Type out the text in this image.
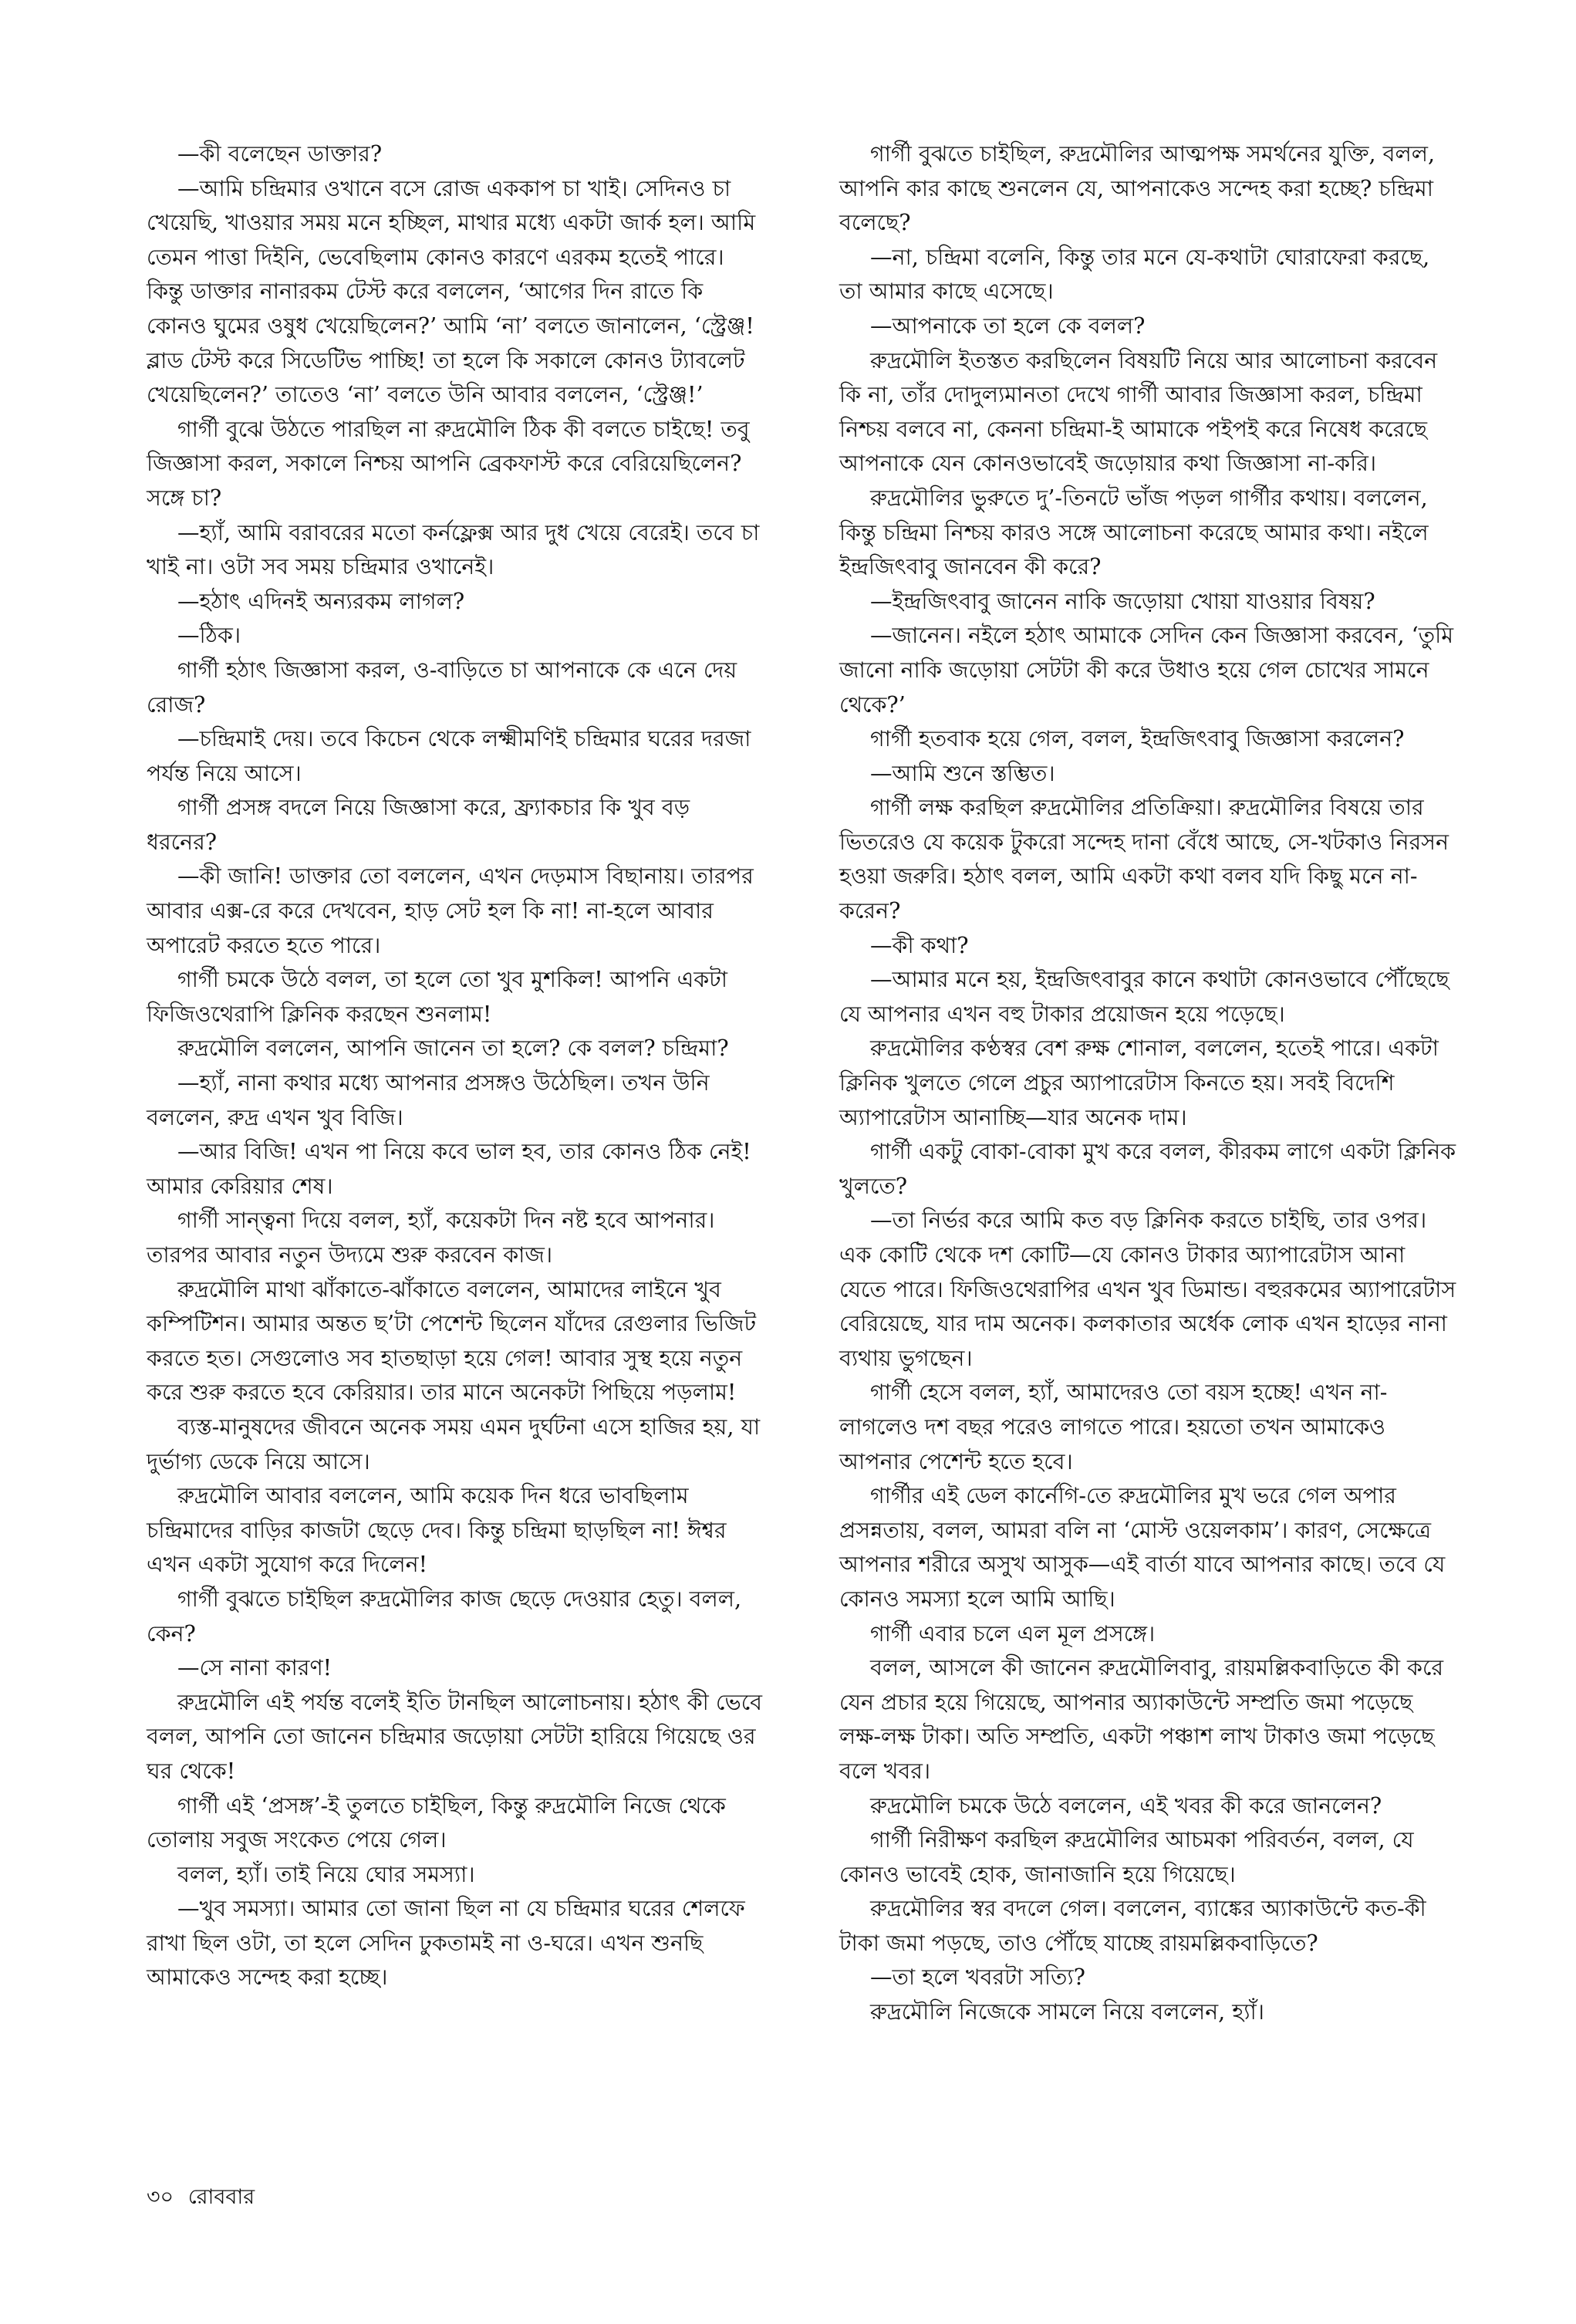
—কী বলেছেন ডাক্তার?

—আমি চন্দ্রিমার ওখানে বসে রোজ এককাপ চা খাই। সেদিনও চা খেয়েছি, খাওয়ার সময় মনে হচ্ছিল, মাথার মধ্যে একটা জার্ক হল। আমি তেমন পাত্তা দিইনি, ভেবেছিলাম কোনও কারণে এরকম হতেই পারে। কিন্তু ডাক্তার নানারকম টেস্ট করে বললেন, ‘আগের দিন রাতে কি কোনও ঘুমের ওষুধ খেয়েছিলেন?’ আমি ‘না’ বলতে জানালেন, ‘স্ট্রেঞ্জ! ব্লাড টেস্ট করে সিডেটিভ পাচ্ছি! তা হলে কি সকালে কোনও ট্যাবলেট খেয়েছিলেন?’ তাতেও ‘না’ বলতে উনি আবার বললেন, ‘স্ট্রেঞ্জ!’

গার্গী বুঝে উঠতে পারছিল না রুদ্রমৌলি ঠিক কী বলতে চাইছে! তবু জিজ্ঞাসা করল, সকালে নিশ্চয় আপনি ব্রেকফাস্ট করে বেরিয়েছিলেন? সঙ্গে চা?

—হ্যাঁ, আমি বরাবরের মতো কর্নফ্লেক্স আর দুধ খেয়ে বেরেই। তবে চা খাই না। ওটা সব সময় চন্দ্রিমার ওখানেই।

—হঠাৎ এদিনই অন্যরকম লাগল?

—ঠিক।

গার্গী হঠাৎ জিজ্ঞাসা করল, ও-বাড়িতে চা আপনাকে কে এনে দেয় রোজ?

—চন্দ্রিমাই দেয়। তবে কিচেন থেকে লক্ষ্মীমণিই চন্দ্রিমার ঘরের দরজা পর্যন্ত নিয়ে আসে।

গার্গী প্রসঙ্গ বদলে নিয়ে জিজ্ঞাসা করে, ফ্র্যাকচার কি খুব বড় ধরনের?

—কী জানি! ডাক্তার তো বললেন, এখন দেড়মাস বিছানায়। তারপর আবার এক্স-রে করে দেখবেন, হাড় সেট হল কি না! না-হলে আবার অপারেট করতে হতে পারে।

গার্গী চমকে উঠে বলল, তা হলে তো খুব মুশকিল! আপনি একটা ফিজিওথেরাপি ক্লিনিক করছেন শুনলাম!

রুদ্রমৌলি বললেন, আপনি জানেন তা হলে? কে বলল? চন্দ্রিমা?

—হ্যাঁ, নানা কথার মধ্যে আপনার প্রসঙ্গও উঠেছিল। তখন উনি বললেন, রুদ্র এখন খুব বিজি।

—আর বিজি! এখন পা নিয়ে কবে ভাল হব, তার কোনও ঠিক নেই! আমার কেরিয়ার শেষ।

গার্গী সান্ত্বনা দিয়ে বলল, হ্যাঁ, কয়েকটা দিন নষ্ট হবে আপনার। তারপর আবার নতুন উদ্যমে শুরু করবেন কাজ।

রুদ্রমৌলি মাথা ঝাঁকাতে-ঝাঁকাতে বললেন, আমাদের লাইনে খুব কম্পিটিশন। আমার অন্তত ছ’টা পেশেন্ট ছিলেন যাঁদের রেগুলার ভিজিট করতে হত। সেগুলোও সব হাতছাড়া হয়ে গেল! আবার সুস্থ হয়ে নতুন করে শুরু করতে হবে কেরিয়ার। তার মানে অনেকটা পিছিয়ে পড়লাম!

ব্যস্ত-মানুষদের জীবনে অনেক সময় এমন দুর্ঘটনা এসে হাজির হয়, যা দুর্ভাগ্য ডেকে নিয়ে আসে।

রুদ্রমৌলি আবার বললেন, আমি কয়েক দিন ধরে ভাবছিলাম চন্দ্রিমাদের বাড়ির কাজটা ছেড়ে দেব। কিন্তু চন্দ্রিমা ছাড়ছিল না! ঈশ্বর এখন একটা সুযোগ করে দিলেন!

গার্গী বুঝতে চাইছিল রুদ্রমৌলির কাজ ছেড়ে দেওয়ার হেতু। বলল, কেন?

—সে নানা কারণ!

রুদ্রমৌলি এই পর্যন্ত বলেই ইতি টানছিল আলোচনায়। হঠাৎ কী ভেবে বলল, আপনি তো জানেন চন্দ্রিমার জড়োয়া সেটটা হারিয়ে গিয়েছে ওর ঘর থেকে!

গার্গী এই ‘প্রসঙ্গ’-ই তুলতে চাইছিল, কিন্তু রুদ্রমৌলি নিজে থেকে তোলায় সবুজ সংকেত পেয়ে গেল।

বলল, হ্যাঁ। তাই নিয়ে ঘোর সমস্যা।

—খুব সমস্যা। আমার তো জানা ছিল না যে চন্দ্রিমার ঘরের শেলফে রাখা ছিল ওটা, তা হলে সেদিন ঢুকতামই না ও-ঘরে। এখন শুনছি আমাকেও সন্দেহ করা হচ্ছে।

গার্গী বুঝতে চাইছিল, রুদ্রমৌলির আত্মপক্ষ সমর্থনের যুক্তি, বলল, আপনি কার কাছে শুনলেন যে, আপনাকেও সন্দেহ করা হচ্ছে? চন্দ্রিমা বলেছে?

—না, চন্দ্রিমা বলেনি, কিন্তু তার মনে যে-কথাটা ঘোরাফেরা করছে, তা আমার কাছে এসেছে।

—আপনাকে তা হলে কে বলল?

রুদ্রমৌলি ইতস্তত করছিলেন বিষয়টি নিয়ে আর আলোচনা করবেন কি না, তাঁর দোদুল্যমানতা দেখে গার্গী আবার জিজ্ঞাসা করল, চন্দ্রিমা নিশ্চয় বলবে না, কেননা চন্দ্রিমা-ই আমাকে পইপই করে নিষেধ করেছে আপনাকে যেন কোনওভাবেই জড়োয়ার কথা জিজ্ঞাসা না-করি।

রুদ্রমৌলির ভুরুতে দু’-তিনটে ভাঁজ পড়ল গার্গীর কথায়। বললেন, কিন্তু চন্দ্রিমা নিশ্চয় কারও সঙ্গে আলোচনা করেছে আমার কথা। নইলে ইন্দ্রজিৎবাবু জানবেন কী করে?

—ইন্দ্রজিৎবাবু জানেন নাকি জড়োয়া খোয়া যাওয়ার বিষয়?

—জানেন। নইলে হঠাৎ আমাকে সেদিন কেন জিজ্ঞাসা করবেন, ‘তুমি জানো নাকি জড়োয়া সেটটা কী করে উধাও হয়ে গেল চোখের সামনে থেকে?’

গার্গী হতবাক হয়ে গেল, বলল, ইন্দ্রজিৎবাবু জিজ্ঞাসা করলেন?

—আমি শুনে স্তম্ভিত।

গার্গী লক্ষ করছিল রুদ্রমৌলির প্রতিক্রিয়া। রুদ্রমৌলির বিষয়ে তার ভিতরেও যে কয়েক টুকরো সন্দেহ দানা বেঁধে আছে, সে-খটকাও নিরসন হওয়া জরুরি। হঠাৎ বলল, আমি একটা কথা বলব যদি কিছু মনে না-করেন?

—কী কথা?

—আমার মনে হয়, ইন্দ্রজিৎবাবুর কানে কথাটা কোনওভাবে পৌঁছেছে যে আপনার এখন বহু টাকার প্রয়োজন হয়ে পড়েছে।

রুদ্রমৌলির কণ্ঠস্বর বেশ রুক্ষ শোনাল, বললেন, হতেই পারে। একটা ক্লিনিক খুলতে গেলে প্রচুর অ্যাপারেটাস কিনতে হয়। সবই বিদেশি অ্যাপারেটাস আনাচ্ছি—যার অনেক দাম।

গার্গী একটু বোকা-বোকা মুখ করে বলল, কীরকম লাগে একটা ক্লিনিক খুলতে?

—তা নির্ভর করে আমি কত বড় ক্লিনিক করতে চাইছি, তার ওপর। এক কোটি থেকে দশ কোটি—যে কোনও টাকার অ্যাপারেটাস আনা যেতে পারে। ফিজিওথেরাপির এখন খুব ডিমান্ড। বহুরকমের অ্যাপারেটাস বেরিয়েছে, যার দাম অনেক। কলকাতার অর্ধেক লোক এখন হাড়ের নানা ব্যথায় ভুগছেন।

গার্গী হেসে বলল, হ্যাঁ, আমাদেরও তো বয়স হচ্ছে! এখন না-লাগলেও দশ বছর পরেও লাগতে পারে। হয়তো তখন আমাকেও আপনার পেশেন্ট হতে হবে।

গার্গীর এই ডেল কার্নেগি-তে রুদ্রমৌলির মুখ ভরে গেল অপার প্রসন্নতায়, বলল, আমরা বলি না ‘মোস্ট ওয়েলকাম’। কারণ, সেক্ষেত্রে আপনার শরীরে অসুখ আসুক—এই বার্তা যাবে আপনার কাছে। তবে যে কোনও সমস্যা হলে আমি আছি।

গার্গী এবার চলে এল মূল প্রসঙ্গে।

বলল, আসলে কী জানেন রুদ্রমৌলিবাবু, রায়মল্লিকবাড়িতে কী করে যেন প্রচার হয়ে গিয়েছে, আপনার অ্যাকাউন্টে সম্প্রতি জমা পড়েছে লক্ষ-লক্ষ টাকা। অতি সম্প্রতি, একটা পঞ্চাশ লাখ টাকাও জমা পড়েছে বলে খবর।

রুদ্রমৌলি চমকে উঠে বললেন, এই খবর কী করে জানলেন?

গার্গী নিরীক্ষণ করছিল রুদ্রমৌলির আচমকা পরিবর্তন, বলল, যে কোনও ভাবেই হোক, জানাজানি হয়ে গিয়েছে।

রুদ্রমৌলির স্বর বদলে গেল। বললেন, ব্যাঙ্কের অ্যাকাউন্টে কত-কী টাকা জমা পড়ছে, তাও পৌঁছে যাচ্ছে রায়মল্লিকবাড়িতে?

—তা হলে খবরটা সত্যি?

রুদ্রমৌলি নিজেকে সামলে নিয়ে বললেন, হ্যাঁ।

৩০ রোববার
